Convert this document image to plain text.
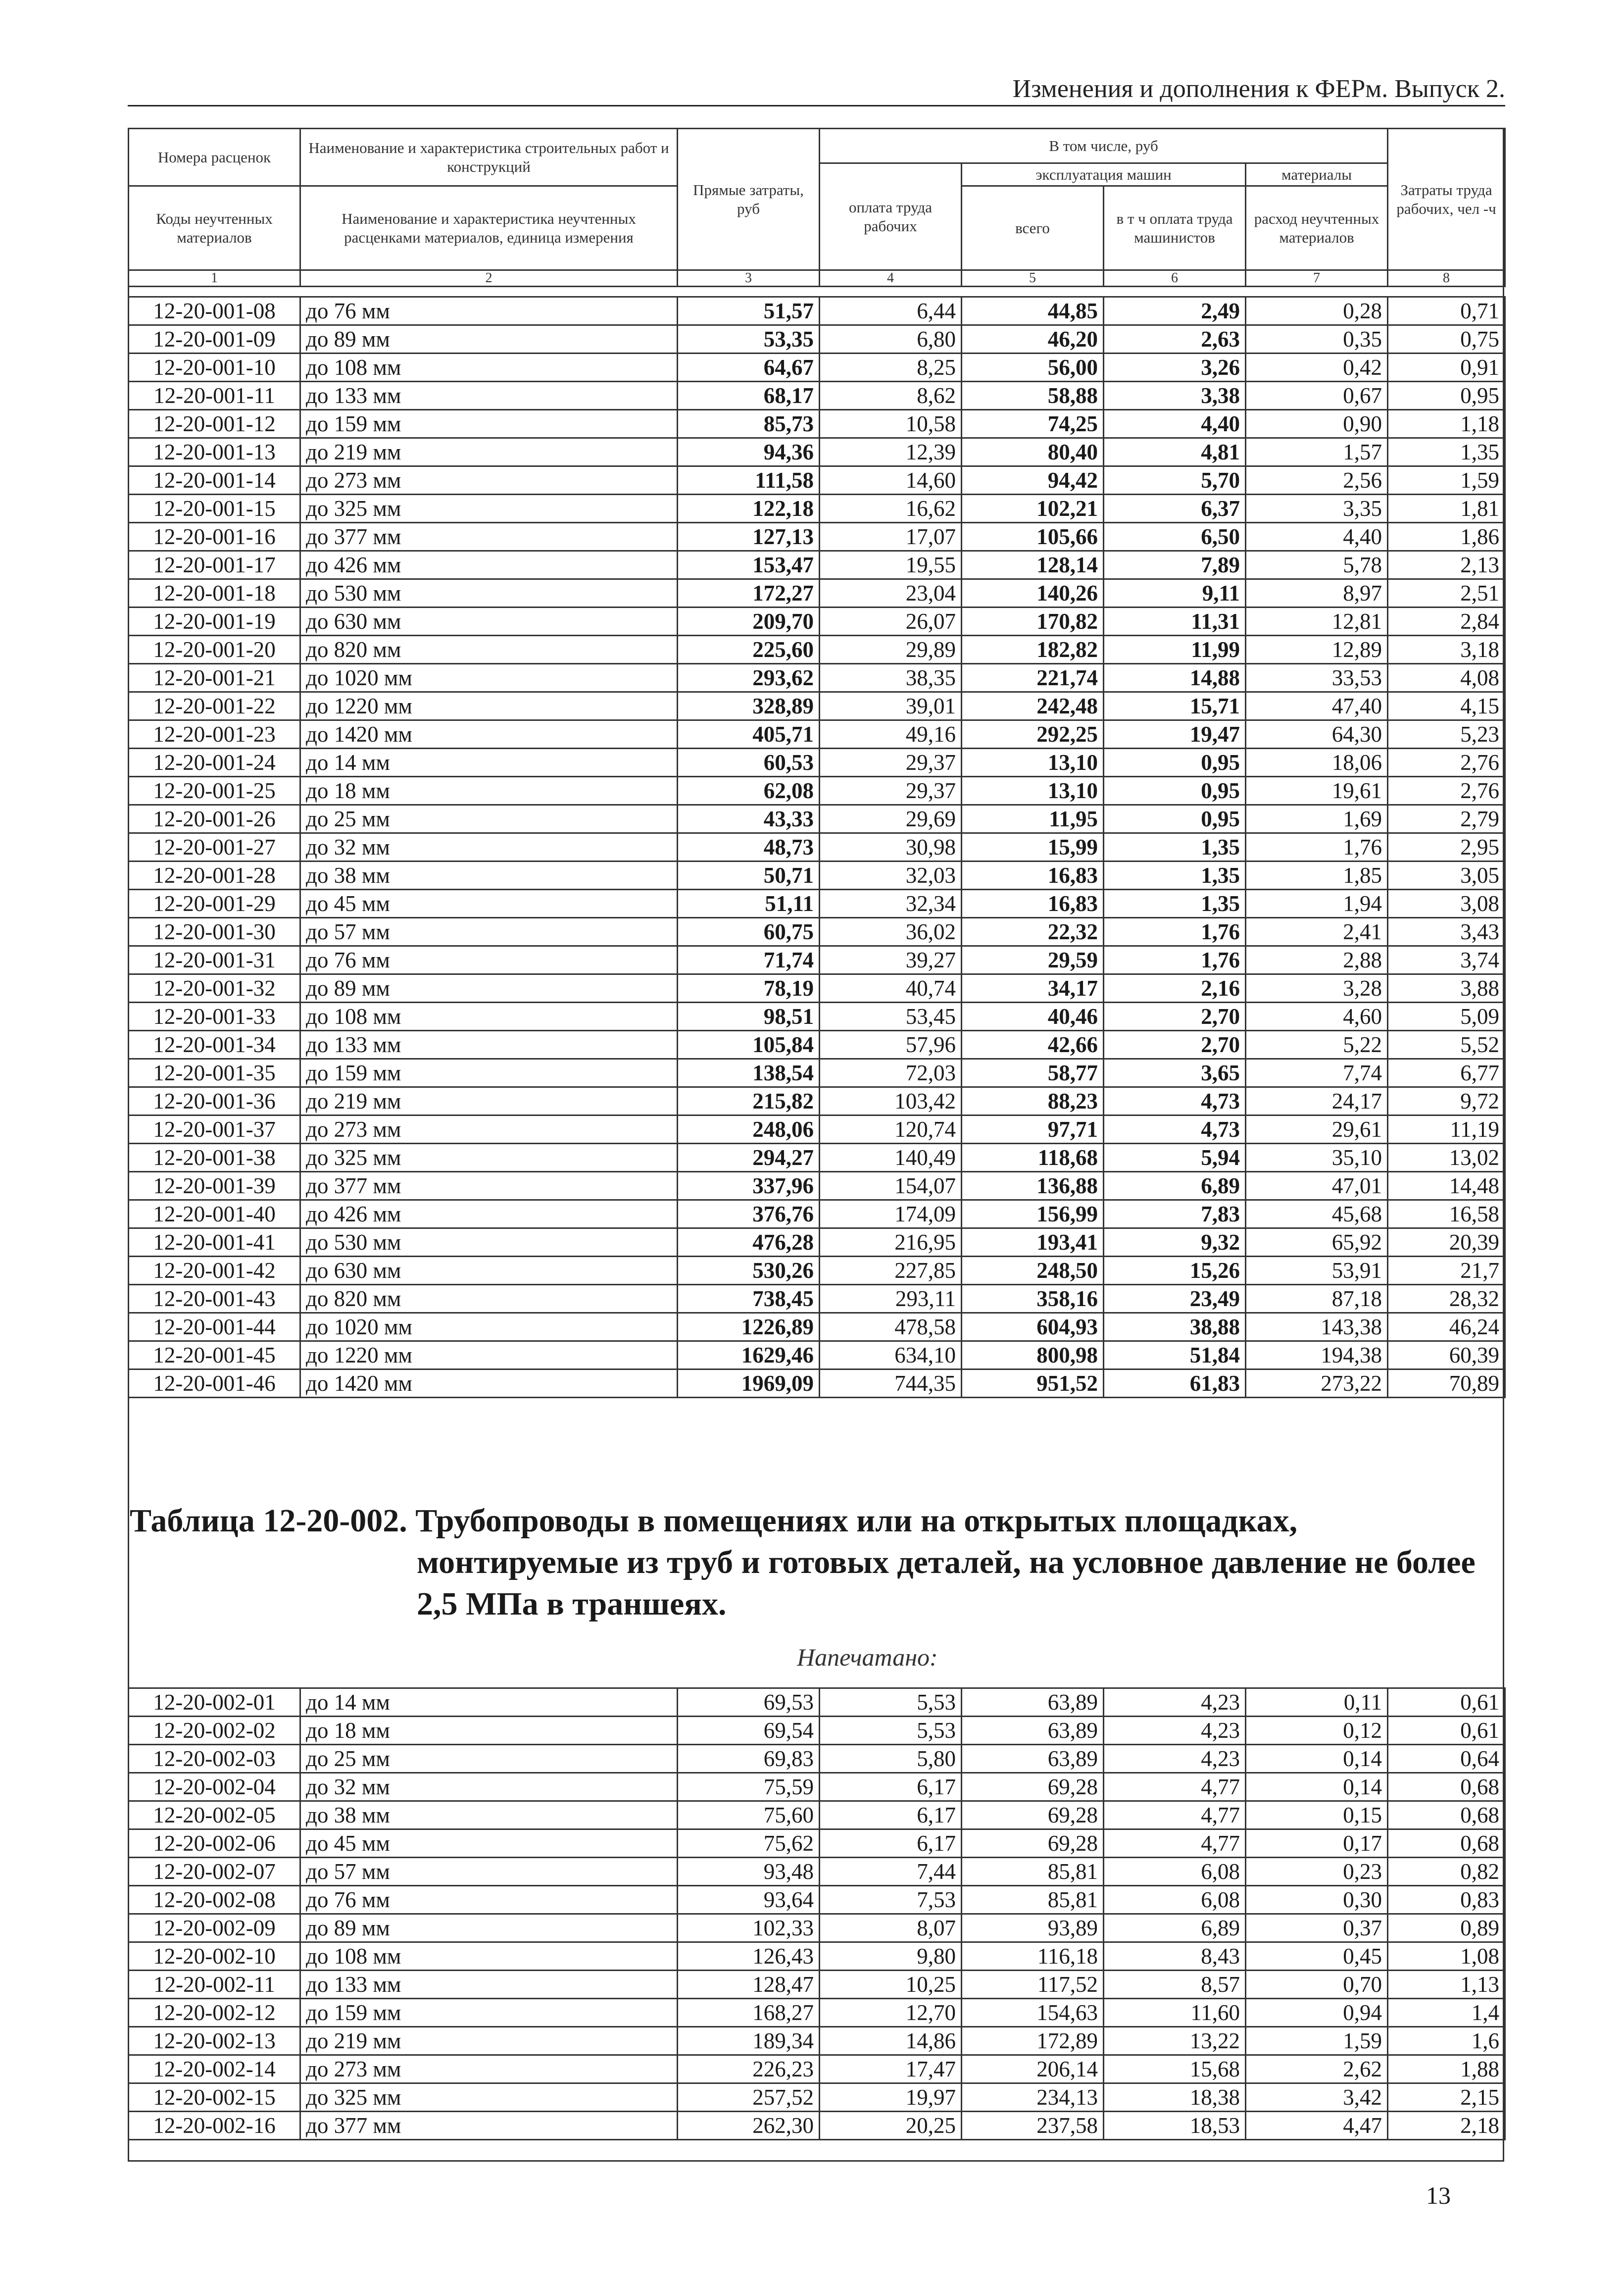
Изменения и дополнения к ФЕРм. Выпуск 2.
Номера расценок	Наименование и характеристика строительных работ и конструкций	Прямые затраты, руб	В том числе, руб				Затраты труда рабочих, чел -ч
			оплата труда рабочих	эксплуатация машин		материалы	
Коды неучтенных материалов	Наименование и характеристика неучтенных расценками материалов, единица измерения			всего	в т ч оплата труда машинистов	расход неучтенных материалов	

1	2	3	4	5	6	7	8
12-20-001-08	до 76 мм	51,57	6,44	44,85	2,49	0,28	0,71
12-20-001-09	до 89 мм	53,35	6,80	46,20	2,63	0,35	0,75
12-20-001-10	до 108 мм	64,67	8,25	56,00	3,26	0,42	0,91
12-20-001-11	до 133 мм	68,17	8,62	58,88	3,38	0,67	0,95
12-20-001-12	до 159 мм	85,73	10,58	74,25	4,40	0,90	1,18
12-20-001-13	до 219 мм	94,36	12,39	80,40	4,81	1,57	1,35
12-20-001-14	до 273 мм	111,58	14,60	94,42	5,70	2,56	1,59
12-20-001-15	до 325 мм	122,18	16,62	102,21	6,37	3,35	1,81
12-20-001-16	до 377 мм	127,13	17,07	105,66	6,50	4,40	1,86
12-20-001-17	до 426 мм	153,47	19,55	128,14	7,89	5,78	2,13
12-20-001-18	до 530 мм	172,27	23,04	140,26	9,11	8,97	2,51
12-20-001-19	до 630 мм	209,70	26,07	170,82	11,31	12,81	2,84
12-20-001-20	до 820 мм	225,60	29,89	182,82	11,99	12,89	3,18
12-20-001-21	до 1020 мм	293,62	38,35	221,74	14,88	33,53	4,08
12-20-001-22	до 1220 мм	328,89	39,01	242,48	15,71	47,40	4,15
12-20-001-23	до 1420 мм	405,71	49,16	292,25	19,47	64,30	5,23
12-20-001-24	до 14 мм	60,53	29,37	13,10	0,95	18,06	2,76
12-20-001-25	до 18 мм	62,08	29,37	13,10	0,95	19,61	2,76
12-20-001-26	до 25 мм	43,33	29,69	11,95	0,95	1,69	2,79
12-20-001-27	до 32 мм	48,73	30,98	15,99	1,35	1,76	2,95
12-20-001-28	до 38 мм	50,71	32,03	16,83	1,35	1,85	3,05
12-20-001-29	до 45 мм	51,11	32,34	16,83	1,35	1,94	3,08
12-20-001-30	до 57 мм	60,75	36,02	22,32	1,76	2,41	3,43
12-20-001-31	до 76 мм	71,74	39,27	29,59	1,76	2,88	3,74
12-20-001-32	до 89 мм	78,19	40,74	34,17	2,16	3,28	3,88
12-20-001-33	до 108 мм	98,51	53,45	40,46	2,70	4,60	5,09
12-20-001-34	до 133 мм	105,84	57,96	42,66	2,70	5,22	5,52
12-20-001-35	до 159 мм	138,54	72,03	58,77	3,65	7,74	6,77
12-20-001-36	до 219 мм	215,82	103,42	88,23	4,73	24,17	9,72
12-20-001-37	до 273 мм	248,06	120,74	97,71	4,73	29,61	11,19
12-20-001-38	до 325 мм	294,27	140,49	118,68	5,94	35,10	13,02
12-20-001-39	до 377 мм	337,96	154,07	136,88	6,89	47,01	14,48
12-20-001-40	до 426 мм	376,76	174,09	156,99	7,83	45,68	16,58
12-20-001-41	до 530 мм	476,28	216,95	193,41	9,32	65,92	20,39
12-20-001-42	до 630 мм	530,26	227,85	248,50	15,26	53,91	21,7
12-20-001-43	до 820 мм	738,45	293,11	358,16	23,49	87,18	28,32
12-20-001-44	до 1020 мм	1226,89	478,58	604,93	38,88	143,38	46,24
12-20-001-45	до 1220 мм	1629,46	634,10	800,98	51,84	194,38	60,39
12-20-001-46	до 1420 мм	1969,09	744,35	951,52	61,83	273,22	70,89
Таблица 12-20-002. Трубопроводы в помещениях или на открытых площадках,
монтируемые из труб и готовых деталей, на условное давление не более
2,5 МПа в траншеях.
Напечатано:
12-20-002-01	до 14 мм	69,53	5,53	63,89	4,23	0,11	0,61
12-20-002-02	до 18 мм	69,54	5,53	63,89	4,23	0,12	0,61
12-20-002-03	до 25 мм	69,83	5,80	63,89	4,23	0,14	0,64
12-20-002-04	до 32 мм	75,59	6,17	69,28	4,77	0,14	0,68
12-20-002-05	до 38 мм	75,60	6,17	69,28	4,77	0,15	0,68
12-20-002-06	до 45 мм	75,62	6,17	69,28	4,77	0,17	0,68
12-20-002-07	до 57 мм	93,48	7,44	85,81	6,08	0,23	0,82
12-20-002-08	до 76 мм	93,64	7,53	85,81	6,08	0,30	0,83
12-20-002-09	до 89 мм	102,33	8,07	93,89	6,89	0,37	0,89
12-20-002-10	до 108 мм	126,43	9,80	116,18	8,43	0,45	1,08
12-20-002-11	до 133 мм	128,47	10,25	117,52	8,57	0,70	1,13
12-20-002-12	до 159 мм	168,27	12,70	154,63	11,60	0,94	1,4
12-20-002-13	до 219 мм	189,34	14,86	172,89	13,22	1,59	1,6
12-20-002-14	до 273 мм	226,23	17,47	206,14	15,68	2,62	1,88
12-20-002-15	до 325 мм	257,52	19,97	234,13	18,38	3,42	2,15
12-20-002-16	до 377 мм	262,30	20,25	237,58	18,53	4,47	2,18
13
